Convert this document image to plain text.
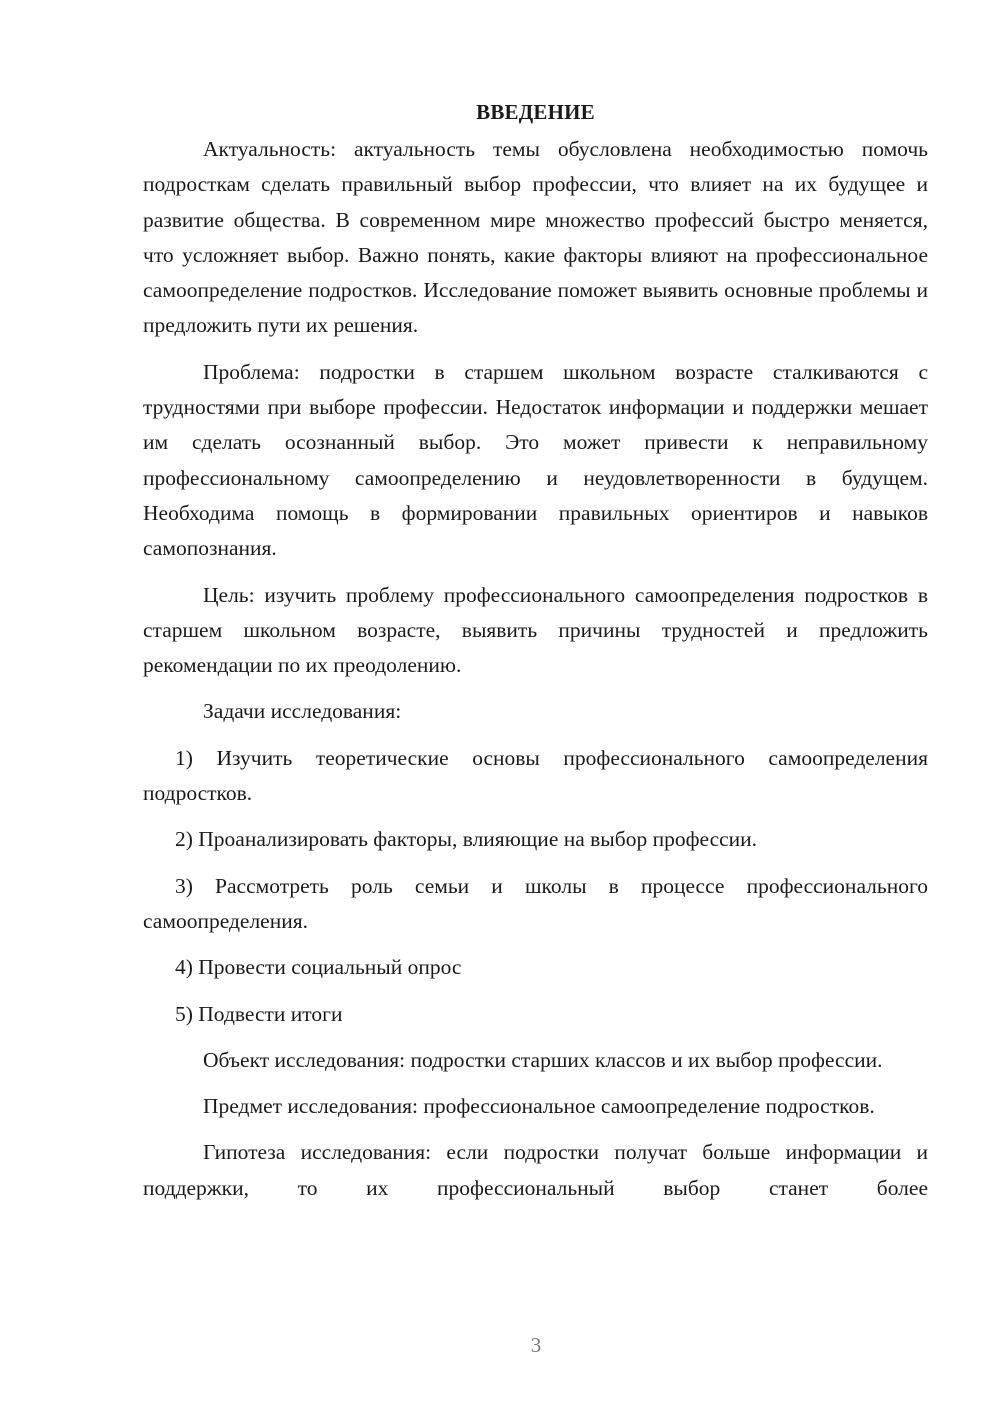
ВВЕДЕНИЕ

Актуальность: актуальность темы обусловлена необходимостью помочь подросткам сделать правильный выбор профессии, что влияет на их будущее и развитие общества. В современном мире множество профессий быстро меняется, что усложняет выбор. Важно понять, какие факторы влияют на профессиональное самоопределение подростков. Исследование поможет выявить основные проблемы и предложить пути их решения.

Проблема: подростки в старшем школьном возрасте сталкиваются с трудностями при выборе профессии. Недостаток информации и поддержки мешает им сделать осознанный выбор. Это может привести к неправильному профессиональному самоопределению и неудовлетворенности в будущем. Необходима помощь в формировании правильных ориентиров и навыков самопознания.

Цель: изучить проблему профессионального самоопределения подростков в старшем школьном возрасте, выявить причины трудностей и предложить рекомендации по их преодолению.

Задачи исследования:

1) Изучить теоретические основы профессионального самоопределения подростков.

2) Проанализировать факторы, влияющие на выбор профессии.

3) Рассмотреть роль семьи и школы в процессе профессионального самоопределения.

4) Провести социальный опрос

5) Подвести итоги

Объект исследования: подростки старших классов и их выбор профессии.

Предмет исследования: профессиональное самоопределение подростков.

Гипотеза исследования: если подростки получат больше информации и поддержки, то их профессиональный выбор станет более

3
